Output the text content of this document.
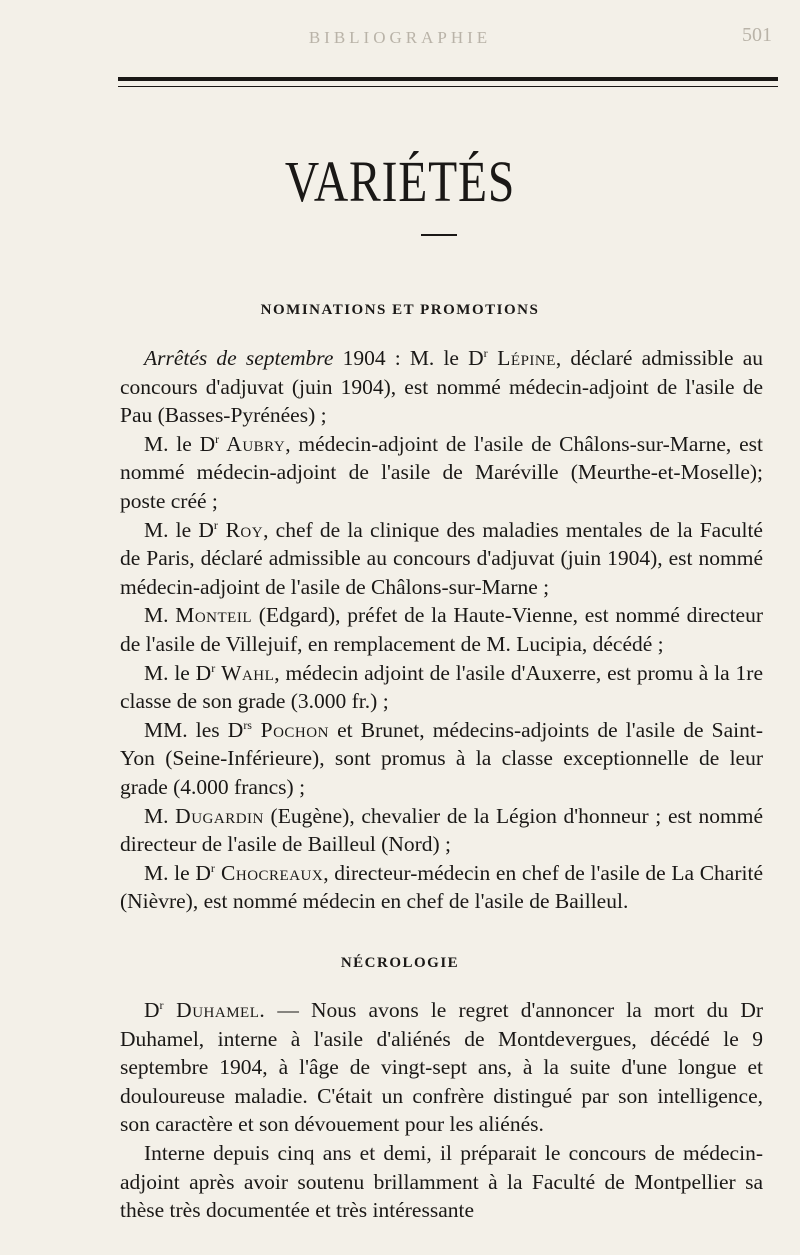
BIBLIOGRAPHIE	501
VARIÉTÉS
NOMINATIONS ET PROMOTIONS

Arrêtés de septembre 1904 : M. le $D^r$ Lépine, déclaré admissible au concours d'adjuvat (juin 1904), est nommé médecin-adjoint de l'asile de Pau (Basses-Pyrénées) ;

M. le $D^r$ Aubry, médecin-adjoint de l'asile de Châlons-sur-Marne, est nommé médecin-adjoint de l'asile de Maréville (Meurthe-et-Moselle); poste créé ;

M. le $D^r$ Roy, chef de la clinique des maladies mentales de la Faculté de Paris, déclaré admissible au concours d'adjuvat (juin 1904), est nommé médecin-adjoint de l'asile de Châlons-sur-Marne ;

M. Monteil (Edgard), préfet de la Haute-Vienne, est nommé directeur de l'asile de Villejuif, en remplacement de M. Lucipia, décédé ;

M. le $D^r$ Wahl, médecin adjoint de l'asile d'Auxerre, est promu à la 1re classe de son grade (3.000 fr.) ;

MM. les $D^{rs}$ Pochon et Brunet, médecins-adjoints de l'asile de Saint-Yon (Seine-Inférieure), sont promus à la classe exceptionnelle de leur grade (4.000 francs) ;

M. Dugardin (Eugène), chevalier de la Légion d'honneur ; est nommé directeur de l'asile de Bailleul (Nord) ;

M. le $D^r$ Chocreaux, directeur-médecin en chef de l'asile de La Charité (Nièvre), est nommé médecin en chef de l'asile de Bailleul.

NÉCROLOGIE

$D^r$ Duhamel. — Nous avons le regret d'annoncer la mort du Dr Duhamel, interne à l'asile d'aliénés de Montdevergues, décédé le 9 septembre 1904, à l'âge de vingt-sept ans, à la suite d'une longue et douloureuse maladie. C'était un confrère distingué par son intelligence, son caractère et son dévouement pour les aliénés.

Interne depuis cinq ans et demi, il préparait le concours de médecin-adjoint après avoir soutenu brillamment à la Faculté de Montpellier sa thèse très documentée et très intéressante
